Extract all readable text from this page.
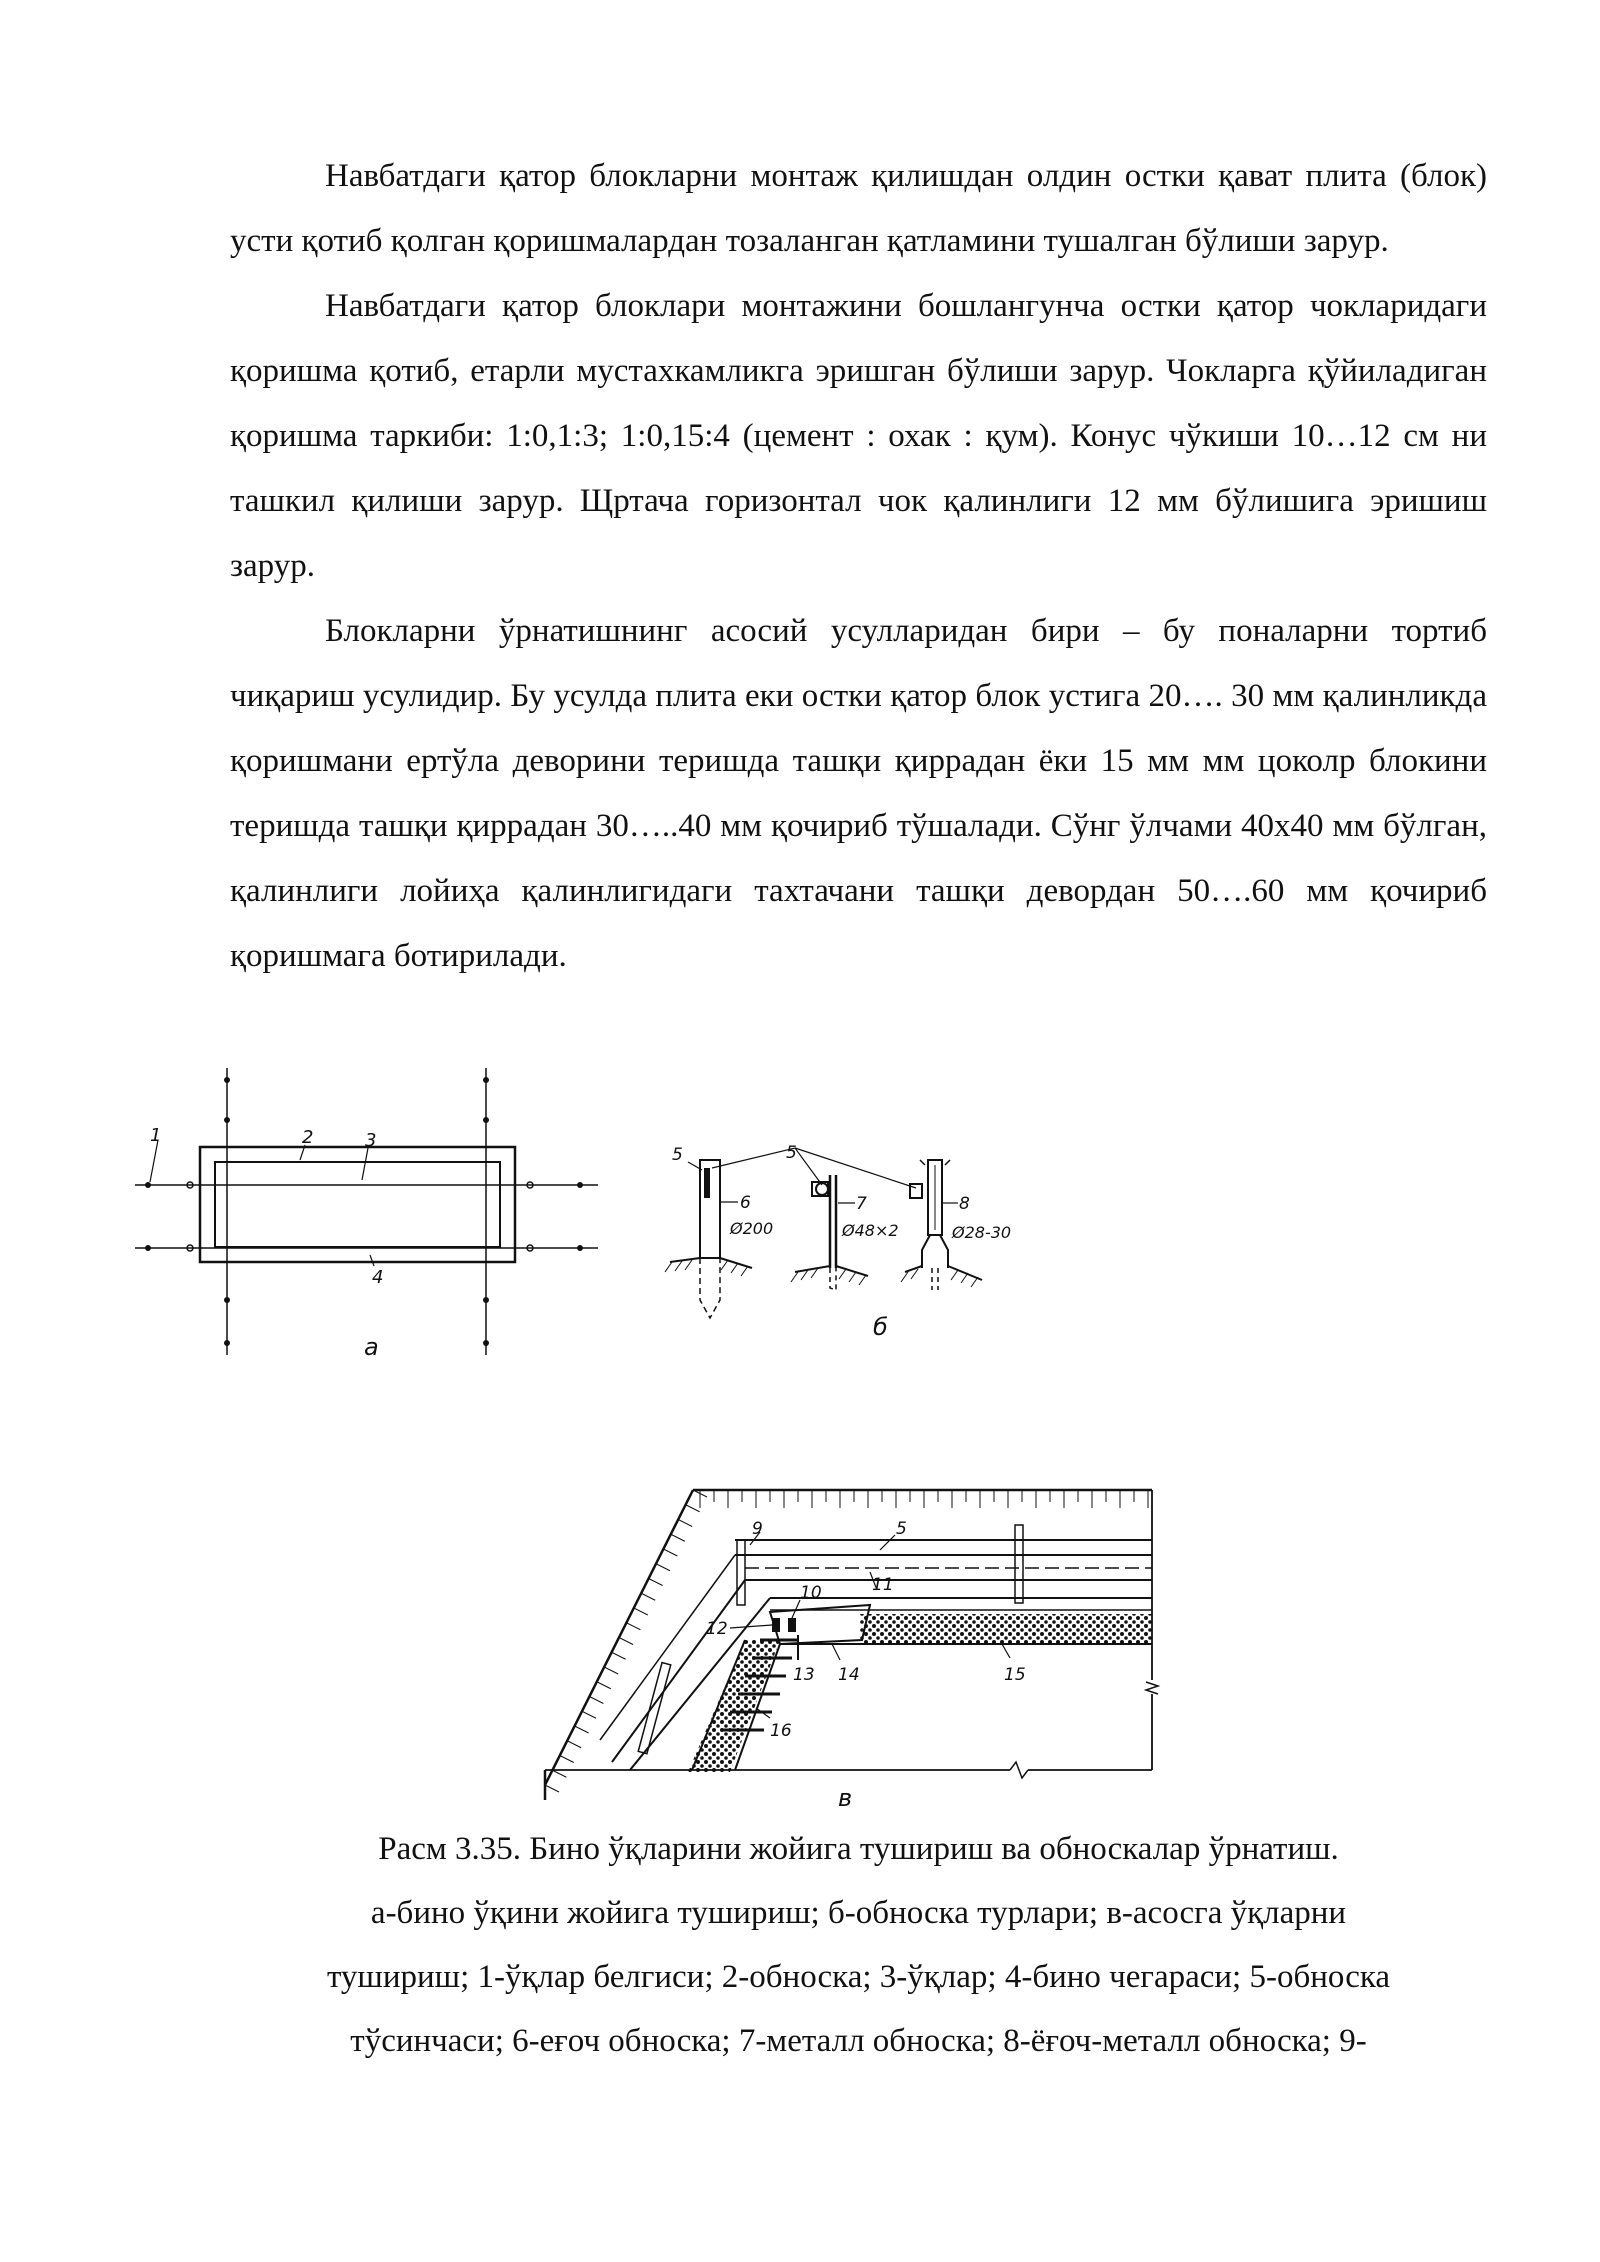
Навбатдаги қатор блокларни монтаж қилишдан олдин остки қават плита (блок) усти қотиб қолган қоришмалардан тозаланган қатламини тушалган бўлиши зарур.

Навбатдаги қатор блоклари монтажини бошлангунча остки қатор чокларидаги қоришма қотиб, етарли мустахкамликга эришган бўлиши зарур. Чокларга қўйиладиган қоришма таркиби: 1:0,1:3; 1:0,15:4 (цемент : охак : қум). Конус чўкиши 10…12 см ни ташкил қилиши зарур. Щртача горизонтал чок қалинлиги 12 мм бўлишига эришиш зарур.

Блокларни ўрнатишнинг асосий усулларидан бири – бу поналарни тортиб чиқариш усулидир. Бу усулда плита еки остки қатор блок устига 20…. 30 мм қалинликда қоришмани ертўла деворини теришда ташқи қиррадан ёки 15 мм мм цоколр блокини теришда ташқи қиррадан 30…..40 мм қочириб тўшалади. Сўнг ўлчами 40х40 мм бўлган, қалинлиги лойиҳа қалинлигидаги тахтачани ташқи девордан 50….60 мм қочириб қоришмага ботирилади.

1	2	3
4
а
5	5
6	7	8
Ø200	Ø48×2	Ø28-30
б
9	5
10	11
12
13 14	15
16
в
Расм 3.35. Бино ўқларини жойига тушириш ва обноскалар ўрнатиш.
а-бино ўқини жойига тушириш; б-обноска турлари; в-асосга ўқларни
тушириш; 1-ўқлар белгиси; 2-обноска; 3-ўқлар; 4-бино чегараси; 5-обноска
тўсинчаси; 6-еғоч обноска; 7-металл обноска; 8-ёғоч-металл обноска; 9-
